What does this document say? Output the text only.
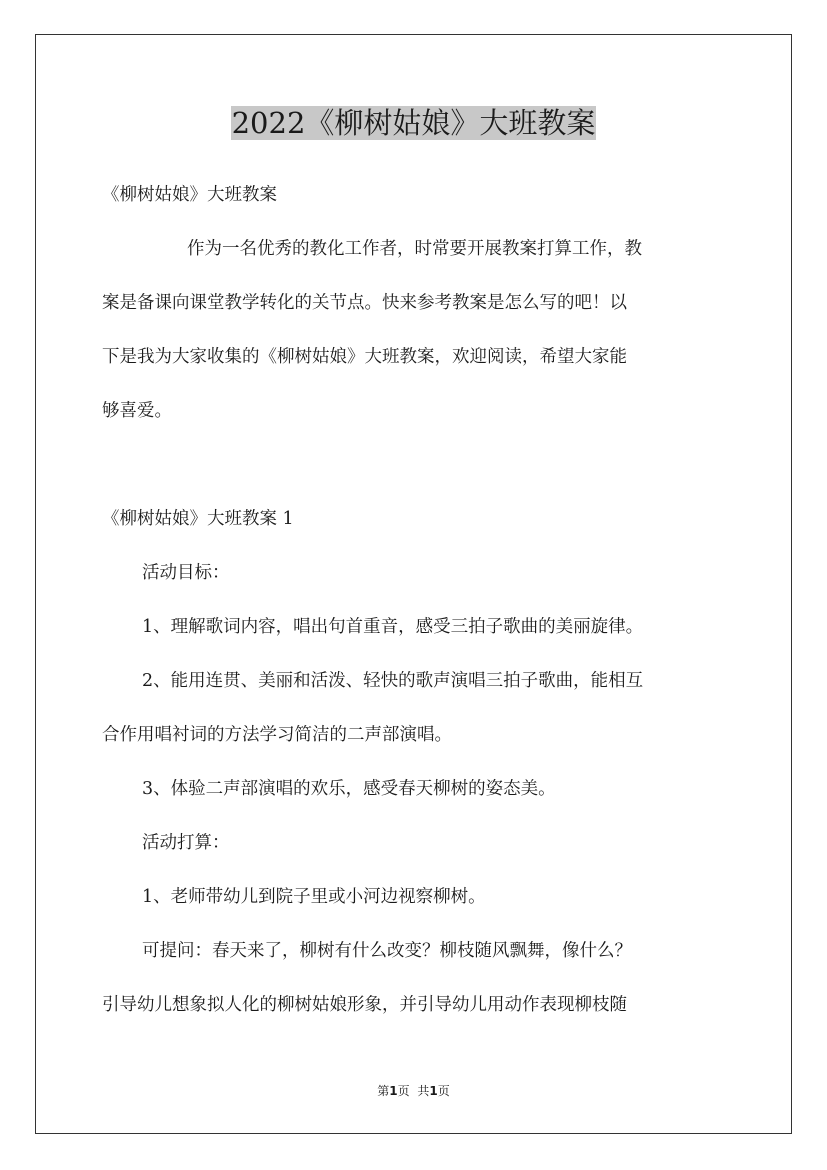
2022《柳树姑娘》大班教案
《柳树姑娘》大班教案
作为一名优秀的教化工作者，时常要开展教案打算工作，教
案是备课向课堂教学转化的关节点。快来参考教案是怎么写的吧！以
下是我为大家收集的《柳树姑娘》大班教案，欢迎阅读，希望大家能
够喜爱。
《柳树姑娘》大班教案 1
活动目标：
1、理解歌词内容，唱出句首重音，感受三拍子歌曲的美丽旋律。
2、能用连贯、美丽和活泼、轻快的歌声演唱三拍子歌曲，能相互
合作用唱衬词的方法学习简洁的二声部演唱。
3、体验二声部演唱的欢乐，感受春天柳树的姿态美。
活动打算：
1、老师带幼儿到院子里或小河边视察柳树。
可提问：春天来了，柳树有什么改变？柳枝随风飘舞，像什么？
引导幼儿想象拟人化的柳树姑娘形象，并引导幼儿用动作表现柳枝随
第1页 共1页
